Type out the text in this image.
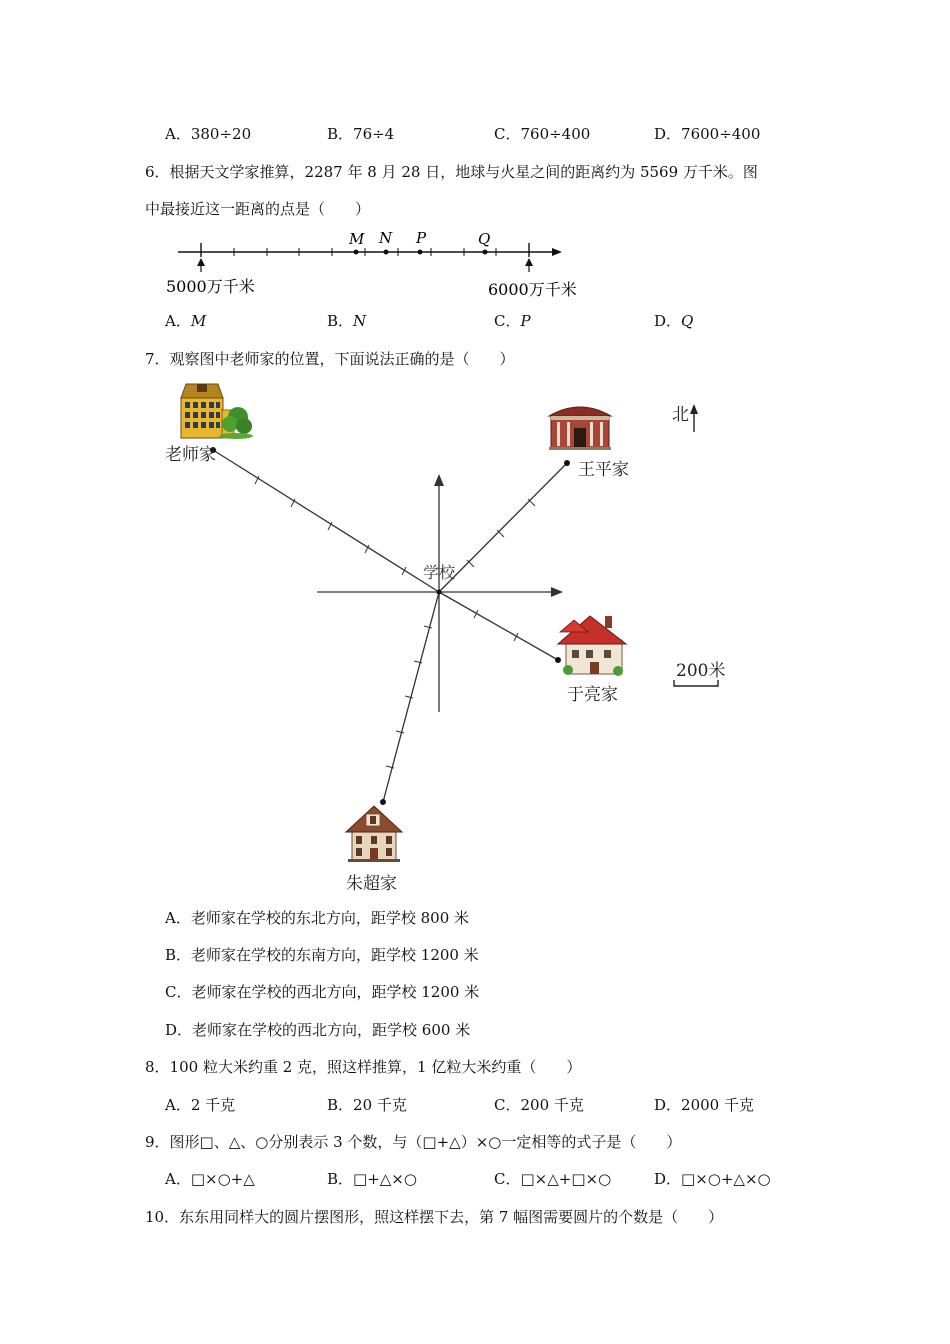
A．380÷20	B．76÷4	C．760÷400	D．7600÷400
6．根据天文学家推算，2287 年 8 月 28 日，地球与火星之间的距离约为 5569 万千米。图
中最接近这一距离的点是（　　）
M N P	Q
5000万千米	6000万千米
A．M	B．N	C．P	D．Q
7．观察图中老师家的位置，下面说法正确的是（　　）
学校
老师家
王平家
于亮家
朱超家
北
200米
A．老师家在学校的东北方向，距学校 800 米
B．老师家在学校的东南方向，距学校 1200 米
C．老师家在学校的西北方向，距学校 1200 米
D．老师家在学校的西北方向，距学校 600 米
8．100 粒大米约重 2 克，照这样推算，1 亿粒大米约重（　　）
A．2 千克	B．20 千克	C．200 千克	D．2000 千克
9．图形□、△、○分别表示 3 个数，与（□+△）×○一定相等的式子是（　　）
A．□×○+△	B．□+△×○	C．□×△+□×○	D．□×○+△×○
10．东东用同样大的圆片摆图形，照这样摆下去，第 7 幅图需要圆片的个数是（　　）
